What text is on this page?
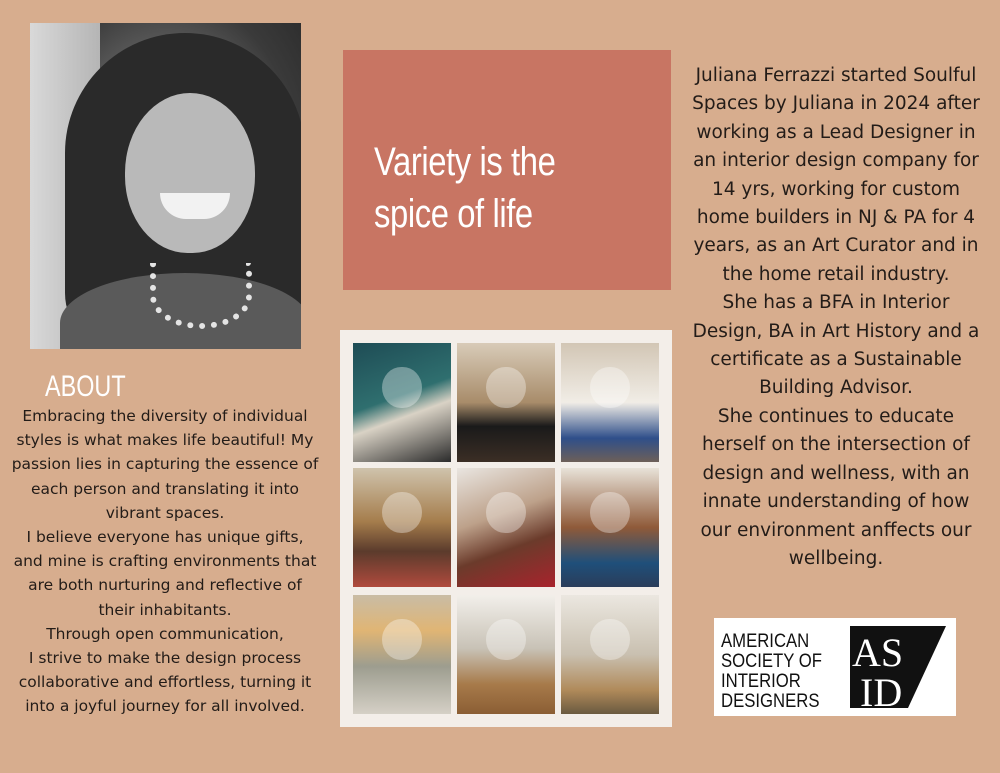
Variety is the spice of life

Juliana Ferrazzi started Soulful Spaces by Juliana in 2024 after working as a Lead Designer in an interior design company for 14 yrs, working for custom home builders in NJ & PA for 4 years, as an Art Curator and in the home retail industry.

She has a BFA in Interior Design, BA in Art History and a certificate as a Sustainable Building Advisor.

She continues to educate herself on the intersection of design and wellness, with an innate understanding of how our environment anffects our wellbeing.

ABOUT

Embracing the diversity of individual styles is what makes life beautiful! My passion lies in capturing the essence of each person and translating it into vibrant spaces.

I believe everyone has unique gifts, and mine is crafting environments that are both nurturing and reflective of their inhabitants.

Through open communication,

I strive to make the design process collaborative and effortless, turning it into a joyful journey for all involved.

AMERICAN
SOCIETY OF
INTERIOR
DESIGNERS
AS
ID
